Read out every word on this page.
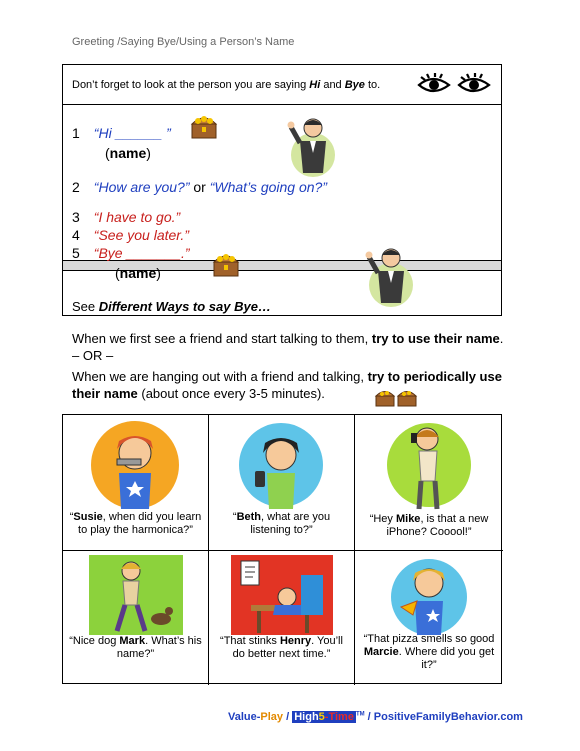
Greeting /Saying Bye/Using a Person’s Name
Don’t forget to look at the person you are saying Hi and Bye to.
1 “Hi ______ ”
(name)
2 “How are you?” or “What’s going on?”
3 “I have to go.”
4 “See you later.”
5 “Bye _______.”
(name)
See Different Ways to say Bye…
When we first see a friend and start talking to them, try to use their name. – OR –
When we are hanging out with a friend and talking, try to periodically use their name (about once every 3-5 minutes).
“Susie, when did you learn to play the harmonica?”
“Beth, what are you listening to?”
“Hey Mike, is that a new iPhone? Cooool!”
“Nice dog Mark. What’s his name?”
“That stinks Henry. You’ll do better next time.”
“That pizza smells so good Marcie. Where did you get it?”
Value-Play / High5-Time ™ / PositiveFamilyBehavior.com
